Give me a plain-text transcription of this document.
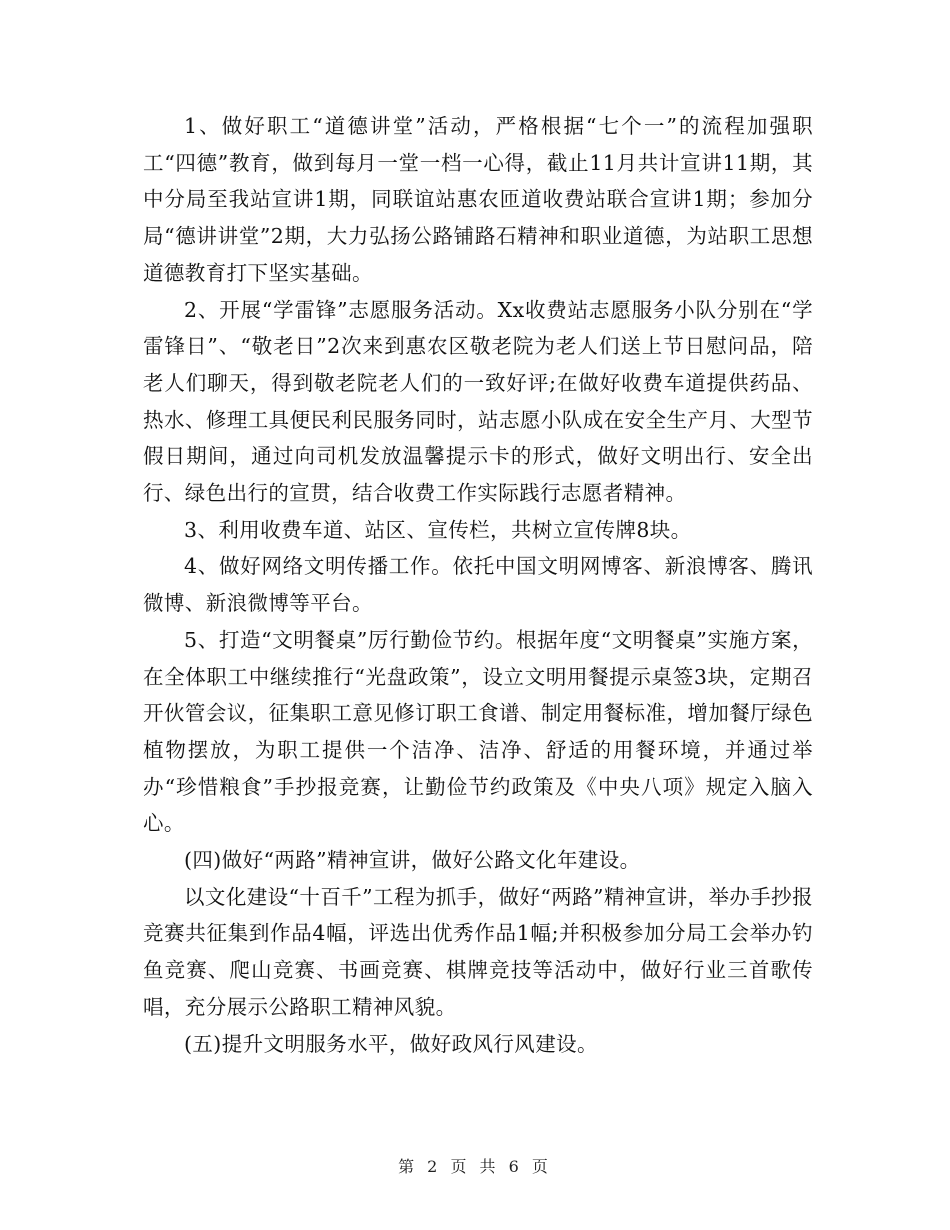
1、做好职工“道德讲堂”活动，严格根据“七个一”的流程加强职工“四德”教育，做到每月一堂一档一心得，截止11月共计宣讲11期，其中分局至我站宣讲1期，同联谊站惠农匝道收费站联合宣讲1期；参加分局“德讲讲堂”2期，大力弘扬公路铺路石精神和职业道德，为站职工思想道德教育打下坚实基础。

2、开展“学雷锋”志愿服务活动。Xx收费站志愿服务小队分别在“学雷锋日”、“敬老日”2次来到惠农区敬老院为老人们送上节日慰问品，陪老人们聊天，得到敬老院老人们的一致好评;在做好收费车道提供药品、热水、修理工具便民利民服务同时，站志愿小队成在安全生产月、大型节假日期间，通过向司机发放温馨提示卡的形式，做好文明出行、安全出行、绿色出行的宣贯，结合收费工作实际践行志愿者精神。

3、利用收费车道、站区、宣传栏，共树立宣传牌8块。

4、做好网络文明传播工作。依托中国文明网博客、新浪博客、腾讯微博、新浪微博等平台。

5、打造“文明餐桌”厉行勤俭节约。根据年度“文明餐桌”实施方案，在全体职工中继续推行“光盘政策”，设立文明用餐提示桌签3块，定期召开伙管会议，征集职工意见修订职工食谱、制定用餐标准，增加餐厅绿色植物摆放，为职工提供一个洁净、洁净、舒适的用餐环境，并通过举办“珍惜粮食”手抄报竞赛，让勤俭节约政策及《中央八项》规定入脑入心。

(四)做好“两路”精神宣讲，做好公路文化年建设。

以文化建设“十百千”工程为抓手，做好“两路”精神宣讲，举办手抄报竞赛共征集到作品4幅，评选出优秀作品1幅;并积极参加分局工会举办钓鱼竞赛、爬山竞赛、书画竞赛、棋牌竞技等活动中，做好行业三首歌传唱，充分展示公路职工精神风貌。

(五)提升文明服务水平，做好政风行风建设。

第 2 页 共 6 页
